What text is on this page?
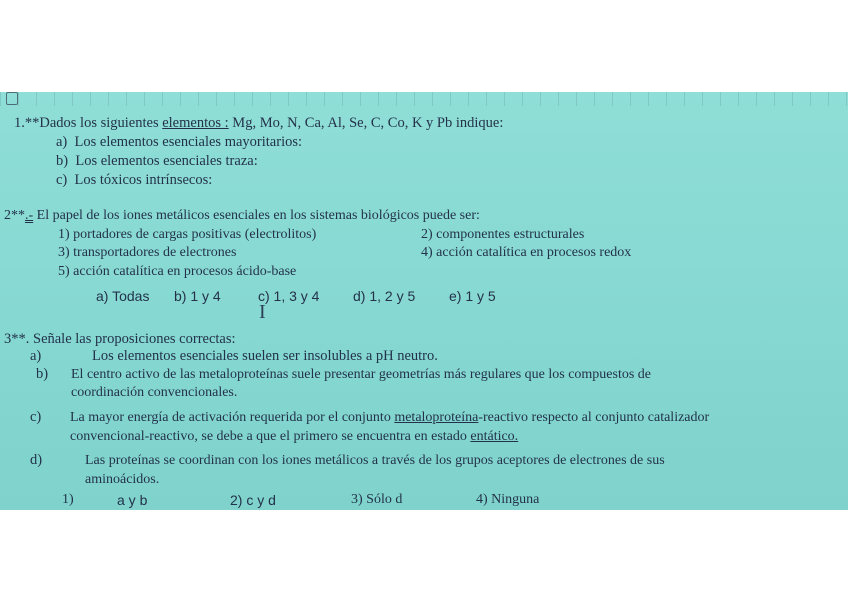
1.**Dados los siguientes elementos : Mg, Mo, N, Ca, Al, Se, C, Co, K y Pb indique:
a) Los elementos esenciales mayoritarios:
b) Los elementos esenciales traza:
c) Los tóxicos intrínsecos:
2**.- El papel de los iones metálicos esenciales en los sistemas biológicos puede ser:
1) portadores de cargas positivas (electrolitos)	2) componentes estructurales
3) transportadores de electrones	4) acción catalítica en procesos redox
5) acción catalítica en procesos ácido-base
a) Todas b) 1 y 4	c) 1, 3 y 4 d) 1, 2 y 5 e) 1 y 5
I
3**. Señale las proposiciones correctas:
a)	Los elementos esenciales suelen ser insolubles a pH neutro.
b) El centro activo de las metaloproteínas suele presentar geometrías más regulares que los compuestos de
coordinación convencionales.
c) La mayor energía de activación requerida por el conjunto metaloproteína-reactivo respecto al conjunto catalizador
convencional-reactivo, se debe a que el primero se encuentra en estado entático.
d)	Las proteínas se coordinan con los iones metálicos a través de los grupos aceptores de electrones de sus
aminoácidos.
1)	a y b	2) c y d	3) Sólo d	4) Ninguna
